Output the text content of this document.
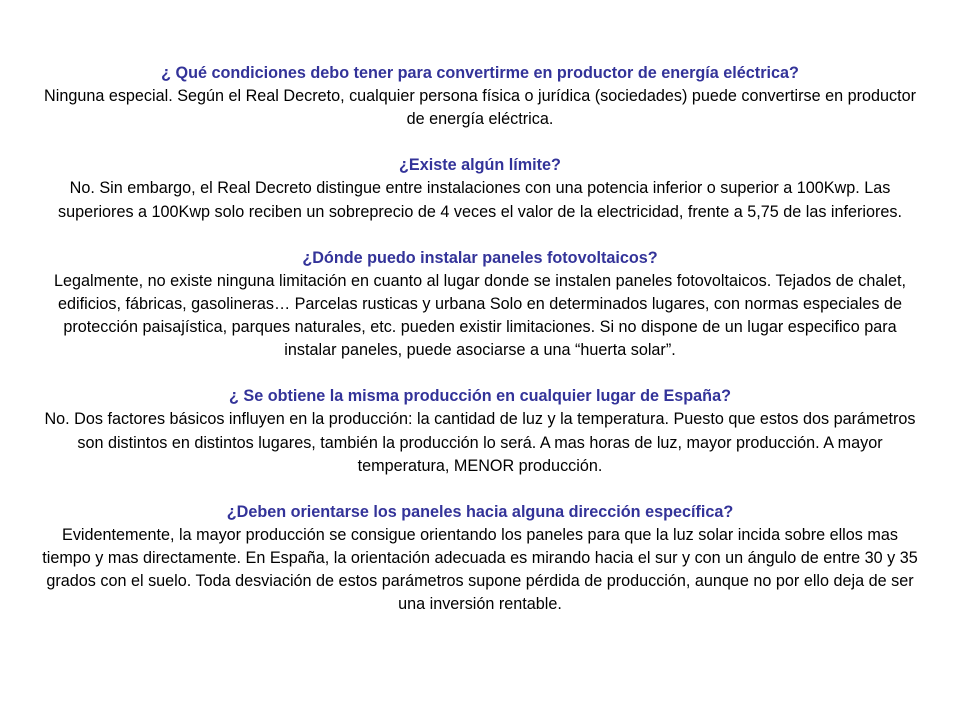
¿ Qué condiciones debo tener para convertirme en productor de energía eléctrica?
Ninguna especial. Según el Real Decreto, cualquier persona física o jurídica (sociedades) puede convertirse en productor de energía eléctrica.
¿Existe algún límite?
No. Sin embargo, el Real Decreto distingue entre instalaciones con una potencia inferior o superior a 100Kwp. Las superiores a 100Kwp solo reciben un sobreprecio de 4 veces el valor de la electricidad, frente a 5,75 de las inferiores.
¿Dónde puedo instalar paneles fotovoltaicos?
Legalmente, no existe ninguna limitación en cuanto al lugar donde se instalen paneles fotovoltaicos. Tejados de chalet, edificios, fábricas, gasolineras… Parcelas rusticas y urbana Solo en determinados lugares, con normas especiales de protección paisajística, parques naturales, etc. pueden existir limitaciones. Si no dispone de un lugar especifico para instalar paneles, puede asociarse a una “huerta solar”.
¿ Se obtiene la misma producción en cualquier lugar de España?
No. Dos factores básicos influyen en la producción: la cantidad de luz y la temperatura. Puesto que estos dos parámetros son distintos en distintos lugares, también la producción lo será. A mas horas de luz, mayor producción. A mayor temperatura, MENOR producción.
¿Deben orientarse los paneles hacia alguna dirección específica?
Evidentemente, la mayor producción se consigue orientando los paneles para que la luz solar incida sobre ellos mas tiempo y mas directamente. En España, la orientación adecuada es mirando hacia el sur y con un ángulo de entre 30 y 35 grados con el suelo. Toda desviación de estos parámetros supone pérdida de producción, aunque no por ello deja de ser una inversión rentable.
